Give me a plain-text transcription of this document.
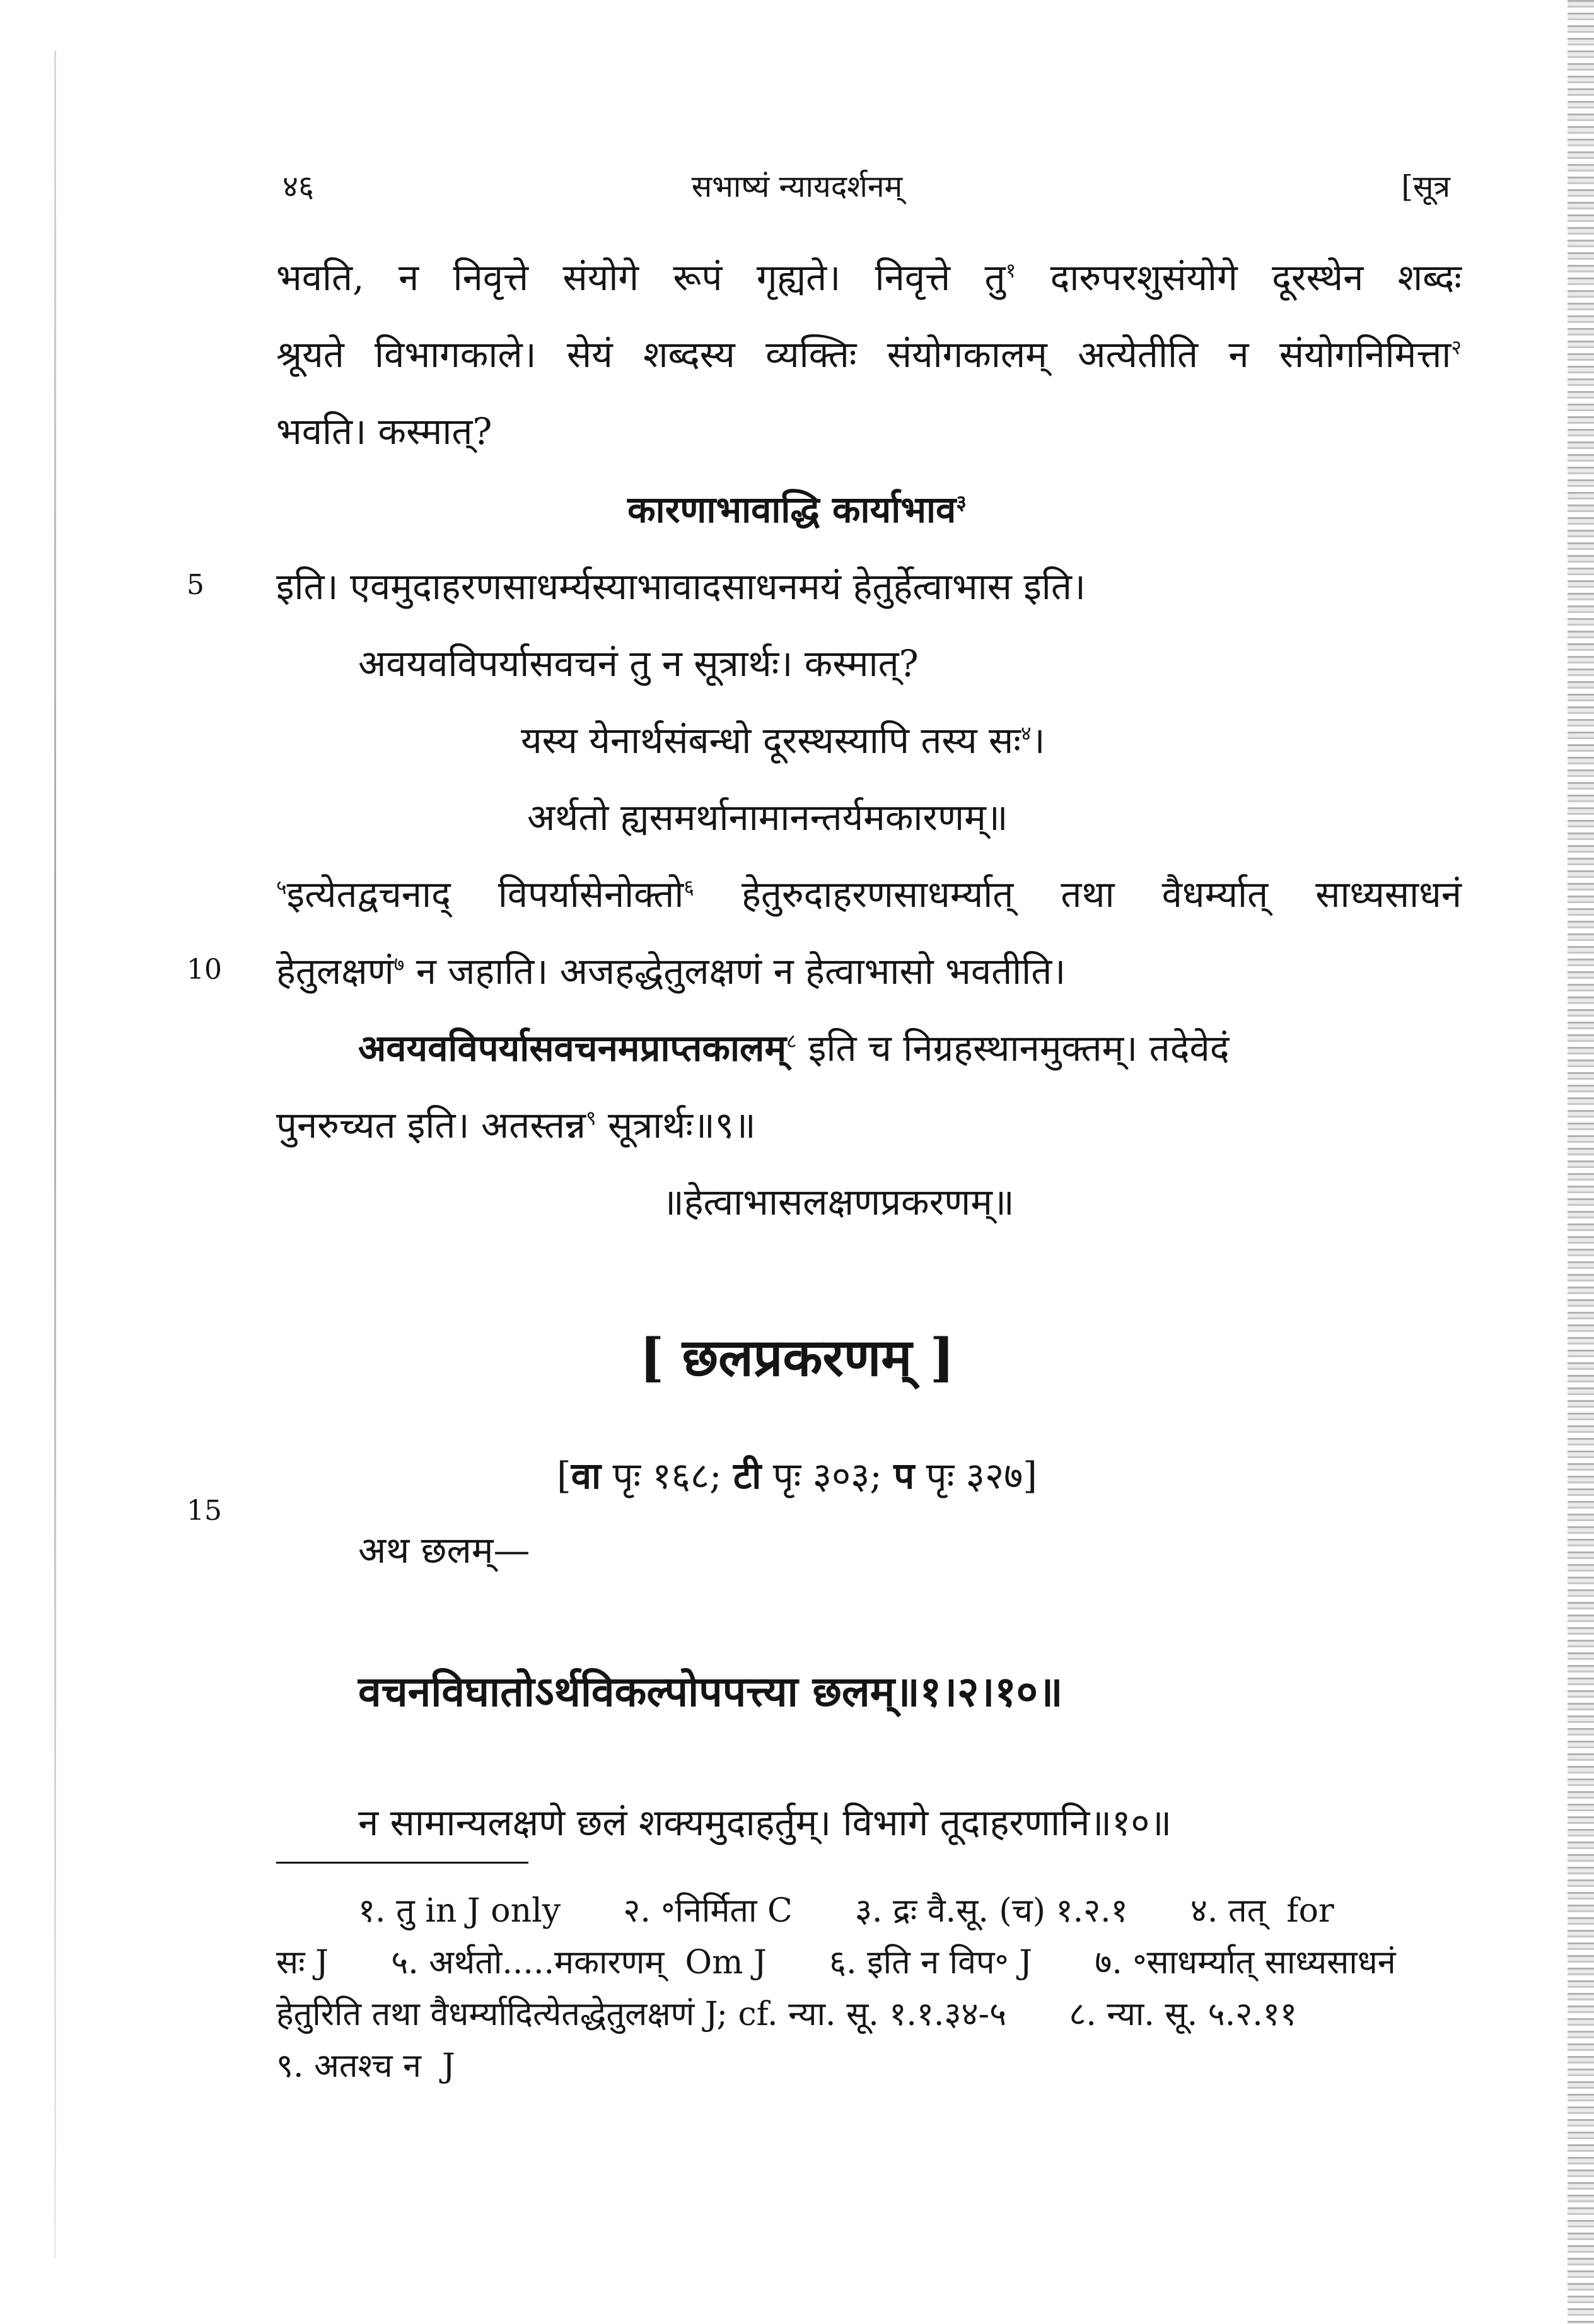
४६	सभाष्यं न्यायदर्शनम्	[सूत्र
भवति, न निवृत्ते संयोगे रूपं गृह्यते। निवृत्ते तु$^१$ दारुपरशुसंयोगे दूरस्थेन शब्दः
श्रूयते विभागकाले। सेयं शब्दस्य व्यक्तिः संयोगकालम् अत्येतीति न संयोगनिमित्ता$^२$
भवति। कस्मात्?
कारणाभावाद्धि कार्याभाव$^३$
5 इति। एवमुदाहरणसाधर्म्यस्याभावादसाधनमयं हेतुर्हेत्वाभास इति।
अवयवविपर्यासवचनं तु न सूत्रार्थः। कस्मात्?
यस्य येनार्थसंबन्धो दूरस्थस्यापि तस्य सः$^४$।
अर्थतो ह्यसमर्थानामानन्तर्यमकारणम्॥
$^५$इत्येतद्वचनाद् विपर्यासेनोक्तो$^६$ हेतुरुदाहरणसाधर्म्यात् तथा वैधर्म्यात् साध्यसाधनं
10 हेतुलक्षणं$^७$ न जहाति। अजहद्धेतुलक्षणं न हेत्वाभासो भवतीति।
अवयवविपर्यासवचनमप्राप्तकालम्$^८$ इति च निग्रहस्थानमुक्तम्। तदेवेदं
पुनरुच्यत इति। अतस्तन्न$^९$ सूत्रार्थः॥९॥
॥हेत्वाभासलक्षणप्रकरणम्॥
[ छलप्रकरणम् ]
[वा पृः १६८; टी पृः ३०३; प पृः ३२७]
15
अथ छलम्—
वचनविघातोऽर्थविकल्पोपपत्त्या छलम्॥१।२।१०॥
न सामान्यलक्षणे छलं शक्यमुदाहर्तुम्। विभागे तूदाहरणानि॥१०॥
१. तु in J only      २. ॰निर्मिता C      ३. द्रः वै.सू. (च) १.२.१      ४. तत्  for
सः J      ५. अर्थतो.....मकारणम्  Om J      ६. इति न विप॰ J      ७. ॰साधर्म्यात् साध्यसाधनं
हेतुरिति तथा वैधर्म्यादित्येतद्धेतुलक्षणं J; cf. न्या. सू. १.१.३४-५      ८. न्या. सू. ५.२.११
९. अतश्च न  J
